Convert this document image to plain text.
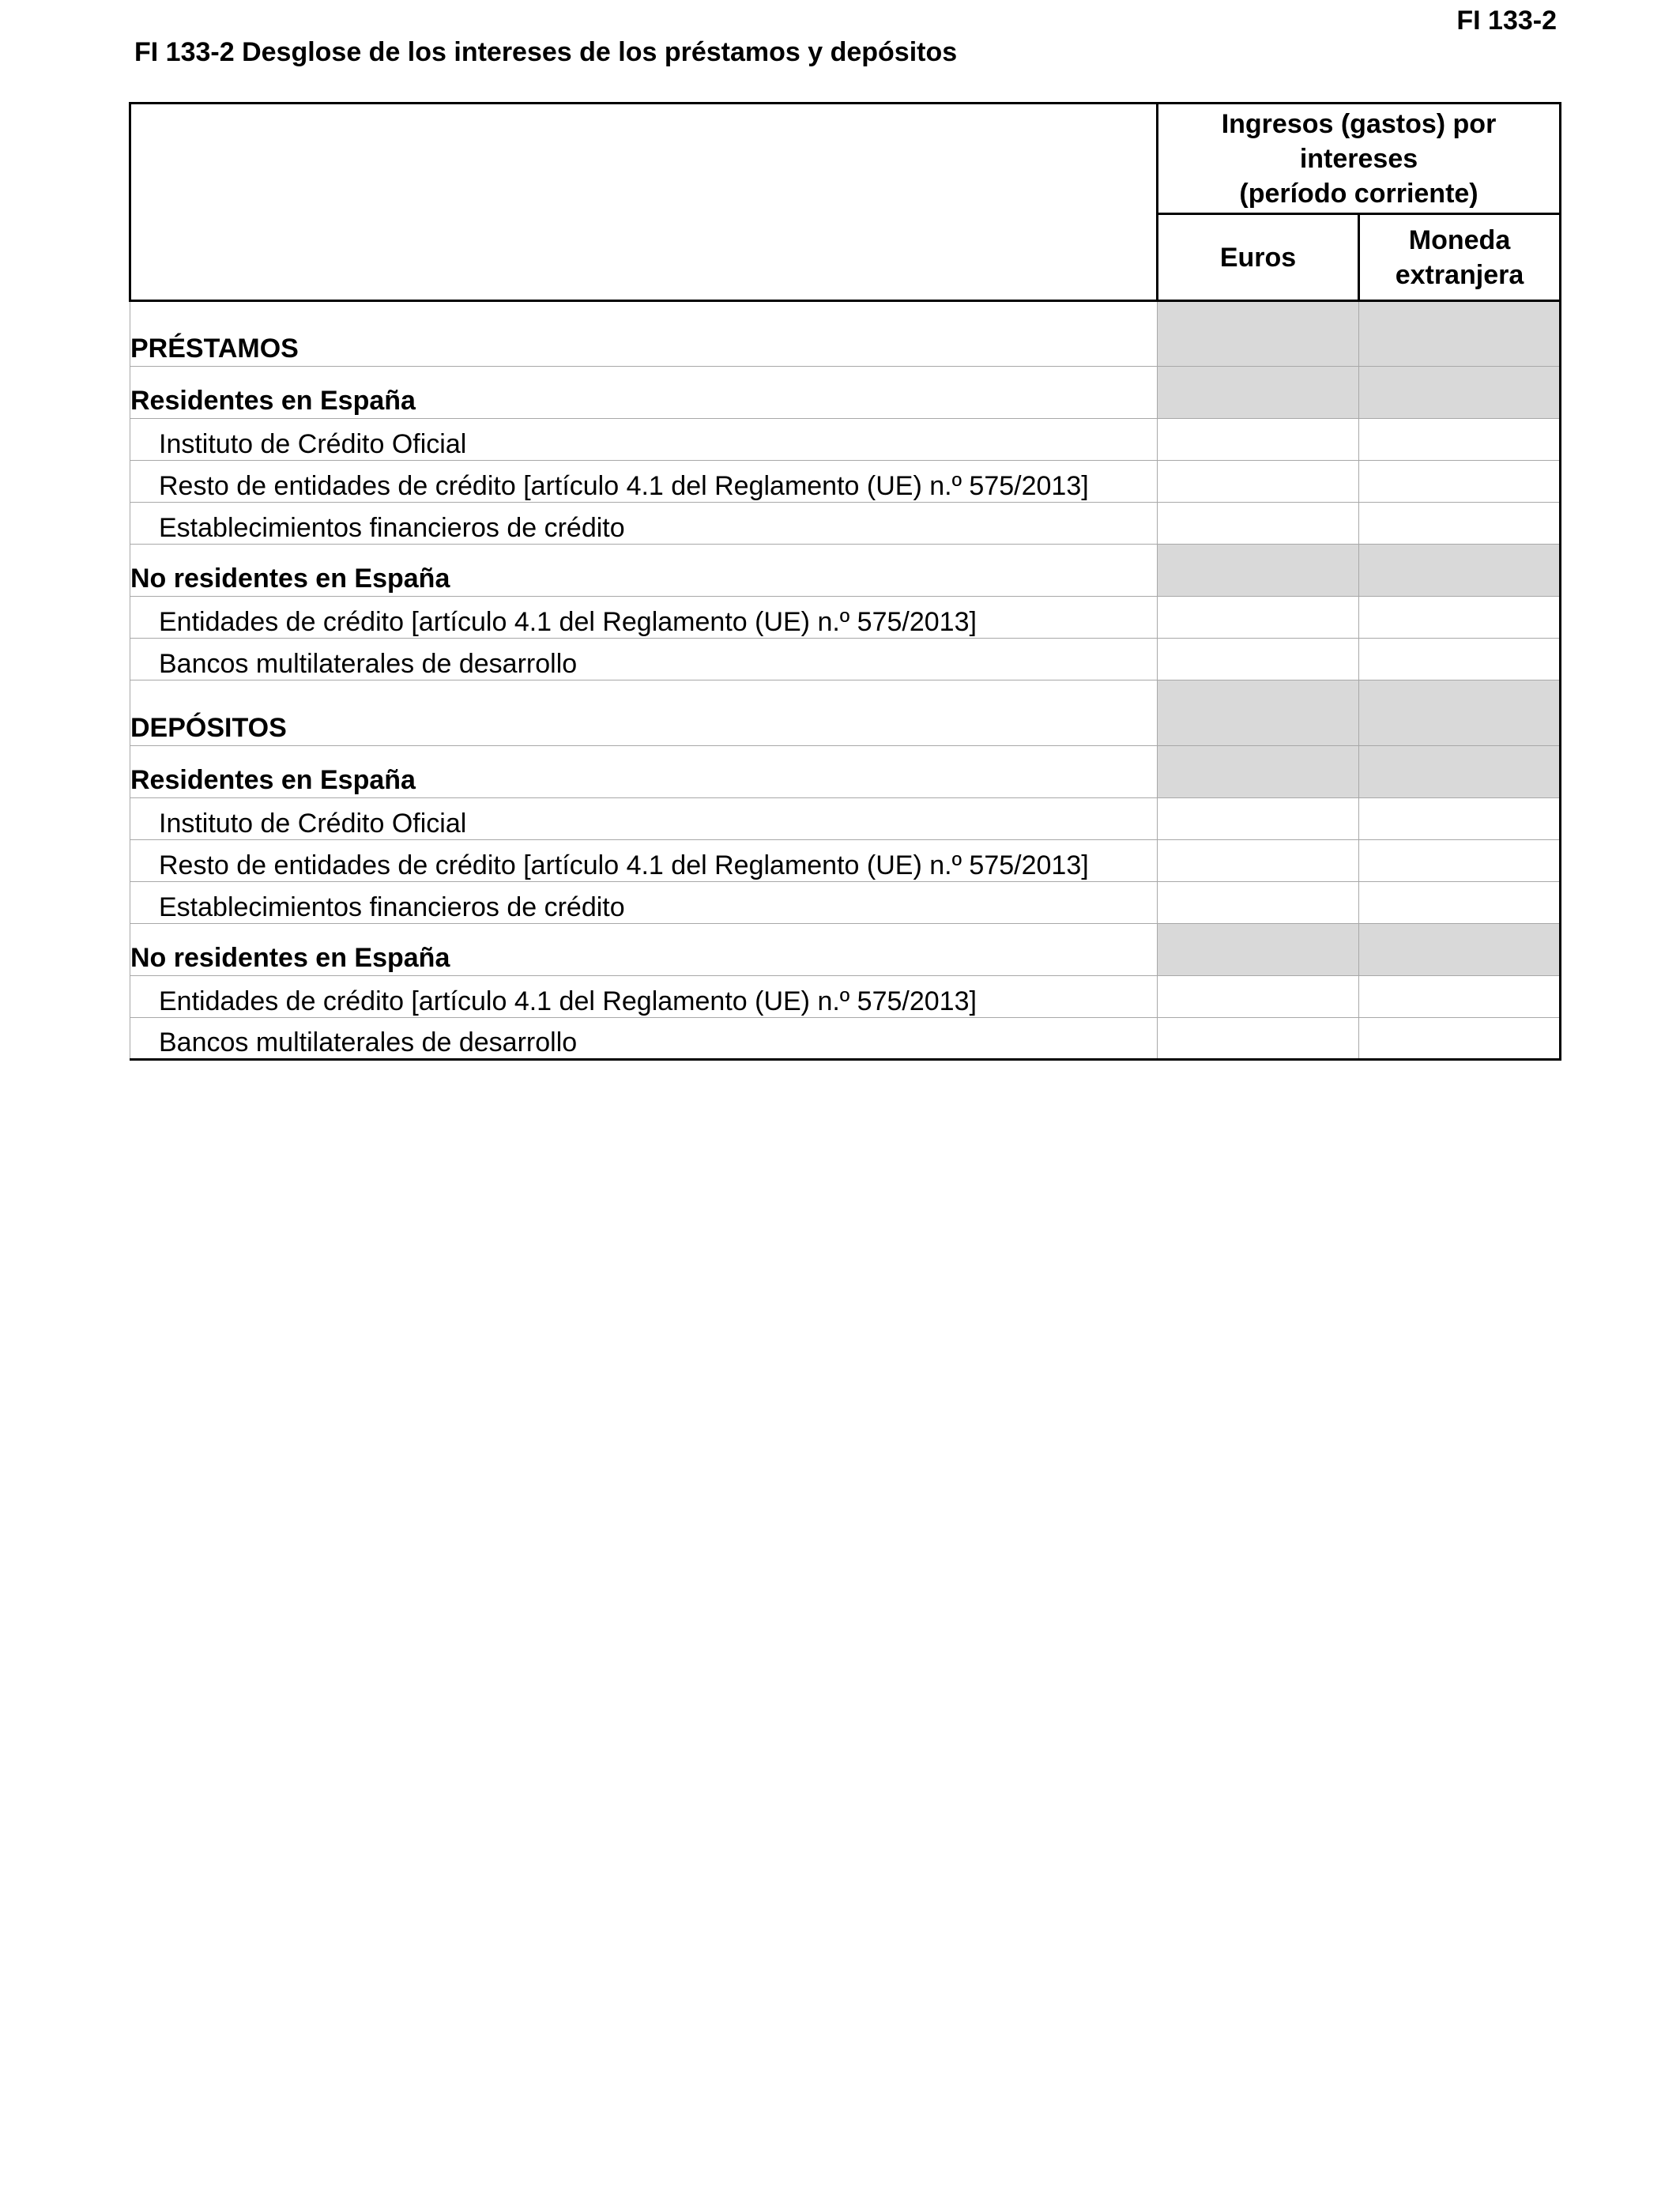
FI 133-2
FI 133-2 Desglose de los intereses de los préstamos y depósitos

	Ingresos (gastos) por
intereses
(período corriente)	

	Euros	Moneda
extranjera

PRÉSTAMOS		
Residentes en España		
Instituto de Crédito Oficial		
Resto de entidades de crédito [artículo 4.1 del Reglamento (UE) n.º 575/2013]		
Establecimientos financieros de crédito		
No residentes en España		
Entidades de crédito [artículo 4.1 del Reglamento (UE) n.º 575/2013]		
Bancos multilaterales de desarrollo		
DEPÓSITOS		
Residentes en España		
Instituto de Crédito Oficial		
Resto de entidades de crédito [artículo 4.1 del Reglamento (UE) n.º 575/2013]		
Establecimientos financieros de crédito		
No residentes en España		
Entidades de crédito [artículo 4.1 del Reglamento (UE) n.º 575/2013]		
Bancos multilaterales de desarrollo		
